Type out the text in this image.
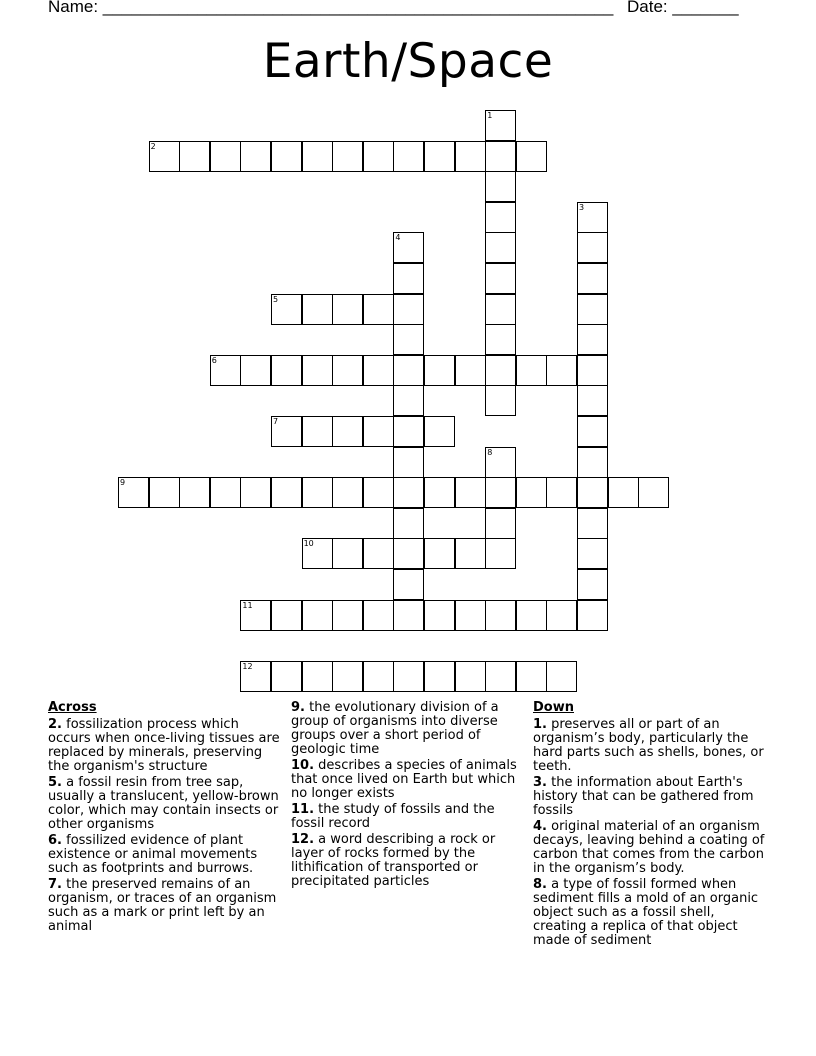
Name: ______________________________________________________ Date: _______
Earth/Space
1
2
3
4
5
6
7
8
9
10
11
12
Across
2. fossilization process which occurs when once-living tissues are replaced by minerals, preserving the organism's structure
5. a fossil resin from tree sap, usually a translucent, yellow-brown color, which may contain insects or other organisms
6. fossilized evidence of plant existence or animal movements such as footprints and burrows.
7. the preserved remains of an organism, or traces of an organism such as a mark or print left by an animal
9. the evolutionary division of a group of organisms into diverse groups over a short period of geologic time
10. describes a species of animals that once lived on Earth but which no longer exists
11. the study of fossils and the fossil record
12. a word describing a rock or layer of rocks formed by the lithification of transported or precipitated particles
Down
1. preserves all or part of an organism’s body, particularly the hard parts such as shells, bones, or teeth.
3. the information about Earth's history that can be gathered from fossils
4. original material of an organism decays, leaving behind a coating of carbon that comes from the carbon in the organism’s body.
8. a type of fossil formed when sediment fills a mold of an organic object such as a fossil shell, creating a replica of that object made of sediment
